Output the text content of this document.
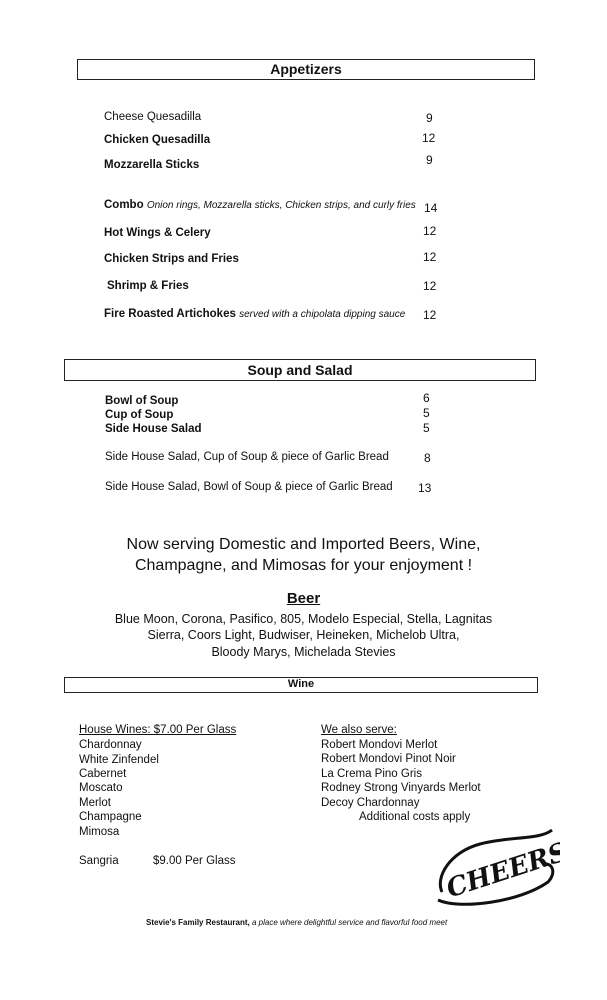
Appetizers
Cheese Quesadilla	9
Chicken Quesadilla	12
Mozzarella Sticks	9
Combo Onion rings, Mozzarella sticks, Chicken strips, and curly fries 14
Hot Wings & Celery	12
Chicken Strips and Fries	12
Shrimp & Fries	12
Fire Roasted Artichokes served with a chipolata dipping sauce 12
Soup and Salad
Bowl of Soup	6
Cup of Soup	5
Side House Salad	5
Side House Salad, Cup of Soup & piece of Garlic Bread	8
Side House Salad, Bowl of Soup & piece of Garlic Bread 13
Now serving Domestic and Imported Beers, Wine,
Champagne, and Mimosas for your enjoyment !
Beer
Blue Moon, Corona, Pasifico, 805, Modelo Especial, Stella, Lagnitas
Sierra, Coors Light, Budwiser, Heineken, Michelob Ultra,
Bloody Marys, Michelada Stevies
Wine
House Wines: $7.00 Per Glass
Chardonnay
White Zinfendel
Cabernet
Moscato
Merlot
Champagne
Mimosa
Sangria	$9.00 Per Glass
We also serve:
Robert Mondovi Merlot
Robert Mondovi Pinot Noir
La Crema Pino Gris
Rodney Strong Vinyards Merlot
Decoy Chardonnay
Additional costs apply
CHEERS
Stevie's Family Restaurant, a place where delightful service and flavorful food meet
